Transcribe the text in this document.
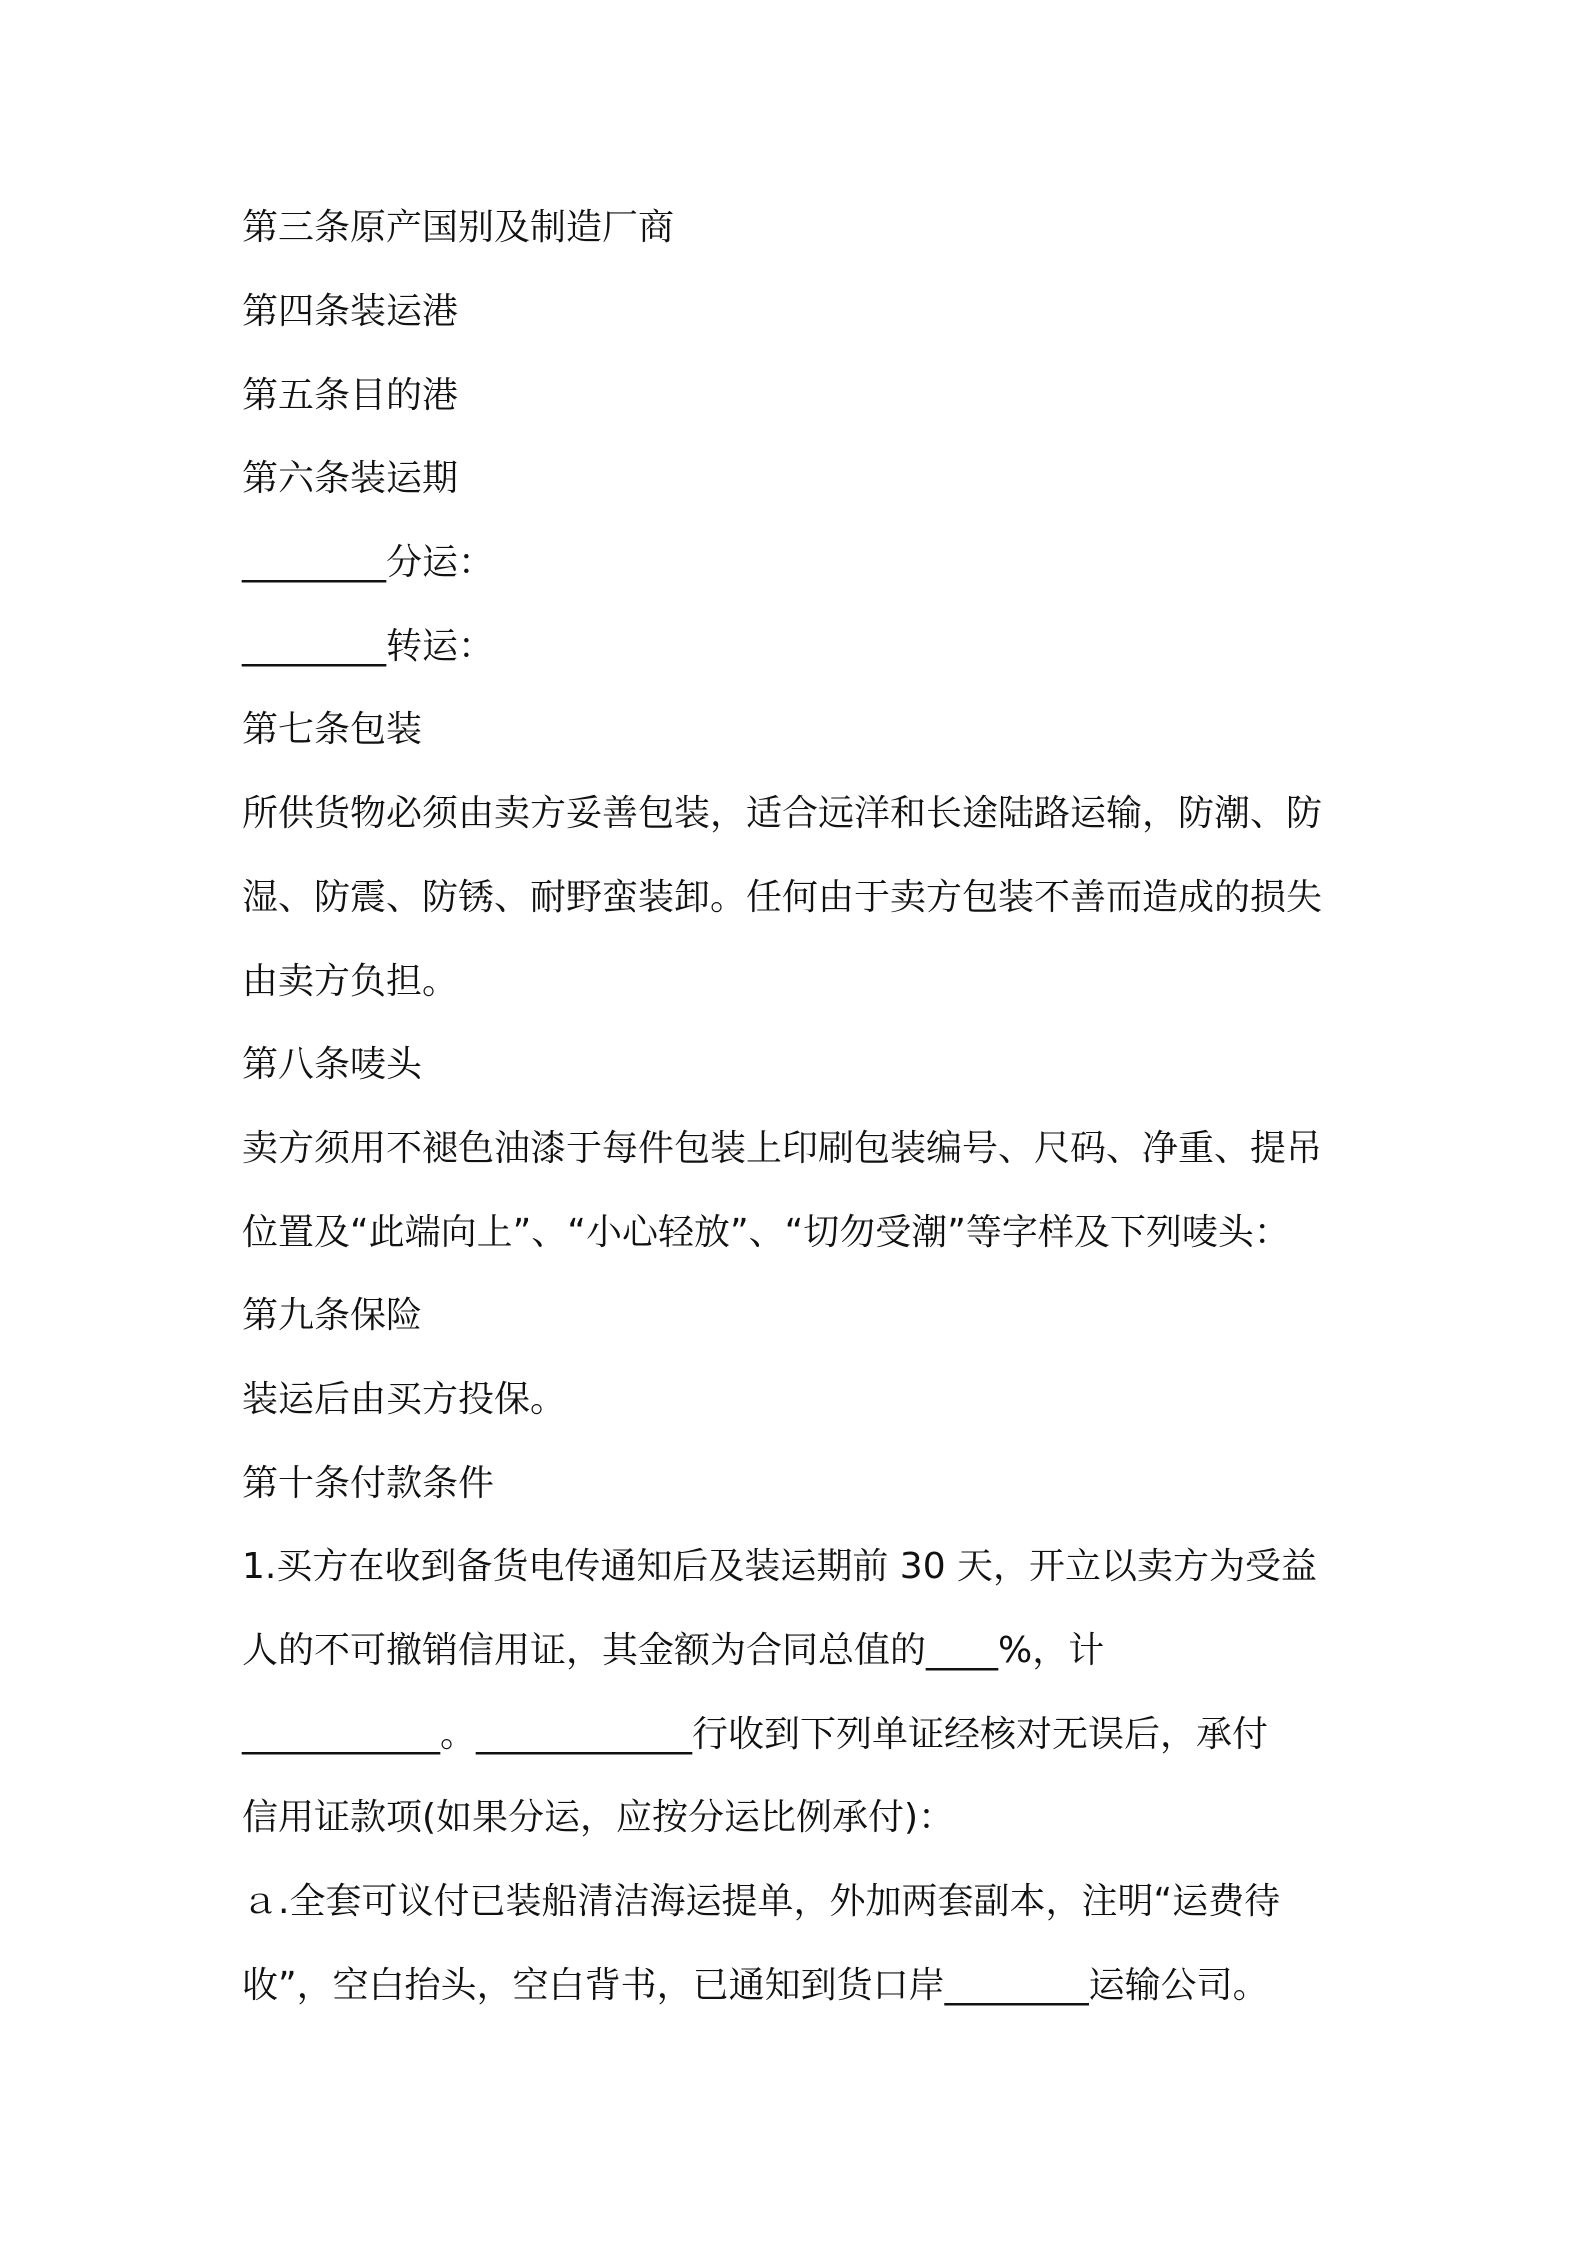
第三条原产国别及制造厂商
第四条装运港
第五条目的港
第六条装运期
________分运：
________转运：
第七条包装
所供货物必须由卖方妥善包装，适合远洋和长途陆路运输，防潮、防
湿、防震、防锈、耐野蛮装卸。任何由于卖方包装不善而造成的损失
由卖方负担。
第八条唛头
卖方须用不褪色油漆于每件包装上印刷包装编号、尺码、净重、提吊
位置及“此端向上”、“小心轻放”、“切勿受潮”等字样及下列唛头：
第九条保险
装运后由买方投保。
第十条付款条件
1.买方在收到备货电传通知后及装运期前 30 天，开立以卖方为受益
人的不可撤销信用证，其金额为合同总值的____%，计
___________。____________行收到下列单证经核对无误后，承付
信用证款项(如果分运，应按分运比例承付)：
ａ.全套可议付已装船清洁海运提单，外加两套副本，注明“运费待
收”，空白抬头，空白背书，已通知到货口岸________运输公司。
